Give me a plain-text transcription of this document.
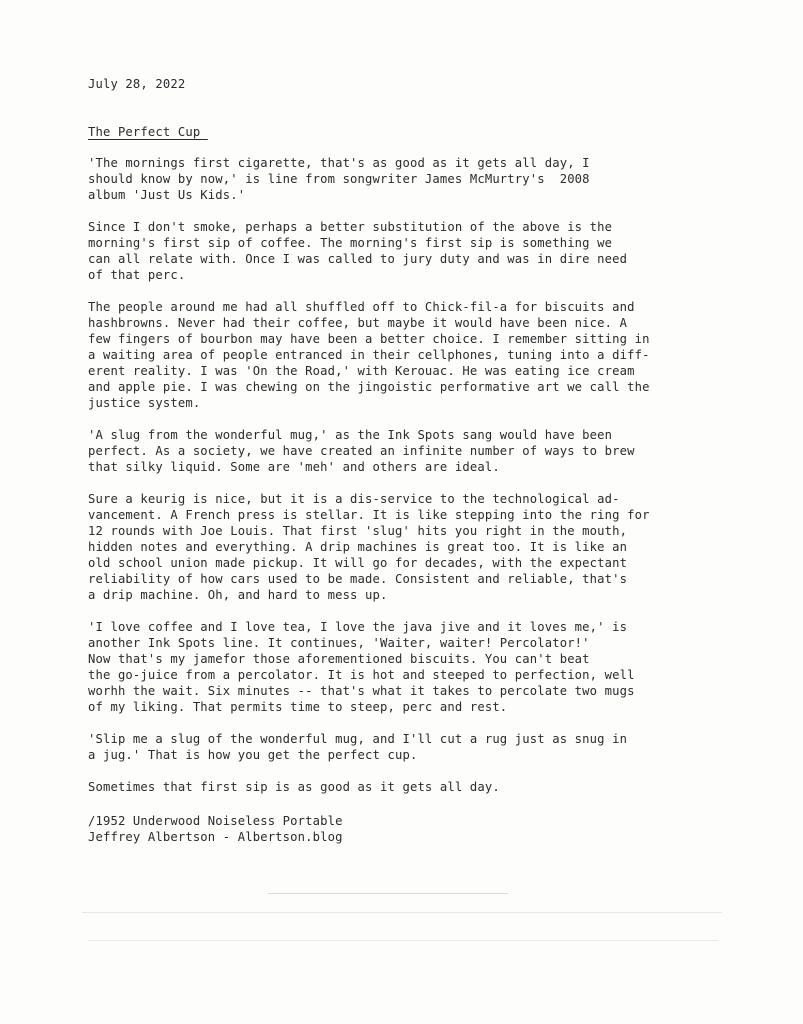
July 28, 2022
The Perfect Cup
'The mornings first cigarette, that's as good as it gets all day, I
should know by now,' is line from songwriter James McMurtry's  2008
album 'Just Us Kids.'
Since I don't smoke, perhaps a better substitution of the above is the
morning's first sip of coffee. The morning's first sip is something we
can all relate with. Once I was called to jury duty and was in dire need
of that perc.
The people around me had all shuffled off to Chick-fil-a for biscuits and
hashbrowns. Never had their coffee, but maybe it would have been nice. A
few fingers of bourbon may have been a better choice. I remember sitting in
a waiting area of people entranced in their cellphones, tuning into a diff-
erent reality. I was 'On the Road,' with Kerouac. He was eating ice cream
and apple pie. I was chewing on the jingoistic performative art we call the
justice system.
'A slug from the wonderful mug,' as the Ink Spots sang would have been
perfect. As a society, we have created an infinite number of ways to brew
that silky liquid. Some are 'meh' and others are ideal.
Sure a keurig is nice, but it is a dis-service to the technological ad-
vancement. A French press is stellar. It is like stepping into the ring for
12 rounds with Joe Louis. That first 'slug' hits you right in the mouth,
hidden notes and everything. A drip machines is great too. It is like an
old school union made pickup. It will go for decades, with the expectant
reliability of how cars used to be made. Consistent and reliable, that's
a drip machine. Oh, and hard to mess up.
'I love coffee and I love tea, I love the java jive and it loves me,' is
another Ink Spots line. It continues, 'Waiter, waiter! Percolator!'
Now that's my jamefor those aforementioned biscuits. You can't beat
the go-juice from a percolator. It is hot and steeped to perfection, well
worhh the wait. Six minutes -- that's what it takes to percolate two mugs
of my liking. That permits time to steep, perc and rest.
'Slip me a slug of the wonderful mug, and I'll cut a rug just as snug in
a jug.' That is how you get the perfect cup.
Sometimes that first sip is as good as it gets all day.
/1952 Underwood Noiseless Portable
Jeffrey Albertson - Albertson.blog
